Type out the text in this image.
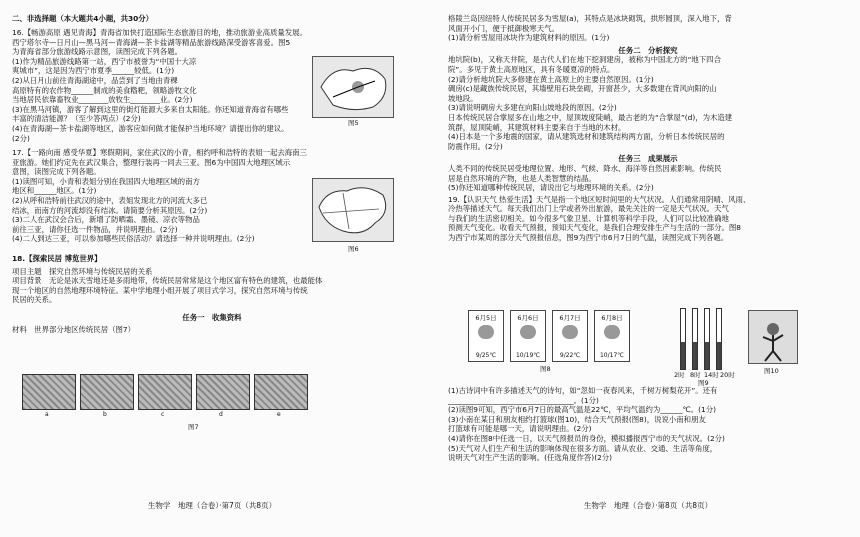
二、非选择题（本大题共4小题，共30分）
16.【畅游高原 遇见青海】青海省加快打造国际生态旅游目的地，推动旅游业高质量发展。
西宁塔尔寺—日月山—黑马河—青海湖—茶卡盐湖等精品旅游线路深受游客喜爱。图5
为青海省部分旅游线路示意图，读图完成下列各题。
(1)作为精品旅游线路第一站，西宁市被誉为“中国十大凉
爽城市”，这是因为西宁市夏季______较低。(1分)
(2)从日月山前往青海湖途中，品尝到了当地由青稞
高原特有的农作物______制成的美食糌粑，领略游牧文化
当地居民依靠畜牧业________放牧生________业。(2分)
(3)在黑马河镇，游客了解到这里的街灯能源大多来自太阳能。你还知道青海省有哪些
丰富的清洁能源？（至少答两点）(2分)
(4)在青海湖—茶卡盐湖等地区，游客应如何做才能保护当地环境？请提出你的建议。
(2分)
图5
17.【一路向南 感受华夏】寒假期间，家住武汉的小青，相约呼和浩特的表姐一起去海南三
亚旅游。她们约定先在武汉集合，整理行装再一同去三亚。图6为中国四大地理区域示
意图，读图完成下列各题。
(1)读图可知，小青和表姐分别在我国四大地理区域的南方
地区和______地区。(1分)
(2)从呼和浩特前往武汉的途中，表姐发现北方的河流大多已
结冰，而南方的河流却没有结冰。请简要分析其原因。(2分)
(3)二人在武汉会合后，新增了防晒霜、墨镜、凉衣等物品
前往三亚，请你任选一件物品，并说明理由。(2分)
(4)二人到达三亚，可以参加哪些民俗活动？请选择一种并说明理由。(2分)
图6
18.【探索民居 博览世界】
项目主题　探究自然环境与传统民居的关系
项目背景　无论是冰天雪地还是多雨地带，传统民居常常是这个地区富有特色的建筑，也最能体
现一个地区的自然地理环境特征。某中学地理小组开展了项目式学习，探究自然环境与传统
民居的关系。
任务一　收集资料
材料　世界部分地区传统民居（图7）
a	b	c	d	e
图7
生物学　地理（合卷）·第7页（共8页）
格陵兰岛因纽特人传统民居多为雪屋(a)，其特点是冰块砌筑，拱形圆顶，深入地下，背
风面开小门，便于抵御极寒天气。
(1)请分析雪屋用冰块作为建筑材料的原因。(1分)
任务二　分析探究
地坑院(b)，又称天井院，是古代人们在地下挖洞建房，被称为中国北方的“地下四合
院”。多见于黄土高原地区，具有冬暖夏凉的特点。
(2)请分析地坑院大多修建在黄土高原上的主要自然原因。(1分)
碉房(c)是藏族传统民居，其墙壁用石块垒砌，开窗甚少，大多数建在背风向阳的山
坡地段。
(3)请说明碉房大多建在向阳山坡地段的原因。(2分)
日本传统民居合掌屋多在山地之中，屋顶坡度陡峭，最古老的为“合掌屋”(d)，为木造建
筑群，屋顶陡峭，其建筑材料主要来自于当地的木材。
(4)日本是一个多地震的国家，请从建筑选材和建筑结构两方面，分析日本传统民居的
防震作用。(2分)
任务三　成果展示
人类不同的传统民居受地理位置、地形、气候、降水、海洋等自然因素影响。传统民
居是自然环境的产物，也是人类智慧的结晶。
(5)你还知道哪种传统民居，请说出它与地理环境的关系。(2分)
19.【认识天气 热爱生活】天气是指一个地区短时间里的大气状况。人们通常用阴晴、风雨、
冷热等描述天气。每天我们出门上学或者外出旅游，最先关注的一定是天气状况。天气
与我们的生活密切相关。如今很多气象卫星、计算机等科学手段，人们可以比较准确地
预测天气变化。收看天气预报，预知天气变化，是我们合理安排生产与生活的一部分。图8
为西宁市某周的部分天气预报信息，图9为西宁市6月7日的气温，读图完成下列各题。
6月5日
9/25℃
6月6日
10/19℃
6月7日
9/22℃
6月8日
10/17℃
图8
2时 8时 14时 20时
图9
图10
(1)古诗词中有许多描述天气的诗句，如“忽如一夜春风来，千树万树梨花开”。还有
__________________________________。(1分)
(2)读图9可知，西宁市6月7日的最高气温是22℃，平均气温约为______℃。(1分)
(3)小南在某日和朋友相约打篮球(图10)，结合天气预报(图8)，说说小南和朋友
打篮球有可能是哪一天，请说明理由。(2分)
(4)请你在图8中任选一日，以天气预报员的身份，模拟播报西宁市的天气状况。(2分)
(5)天气对人们生产和生活的影响体现在很多方面。请从农业、交通、生活等角度，
说明天气对生产生活的影响。(任选角度作答)(2分)
生物学　地理（合卷）·第8页（共8页）
